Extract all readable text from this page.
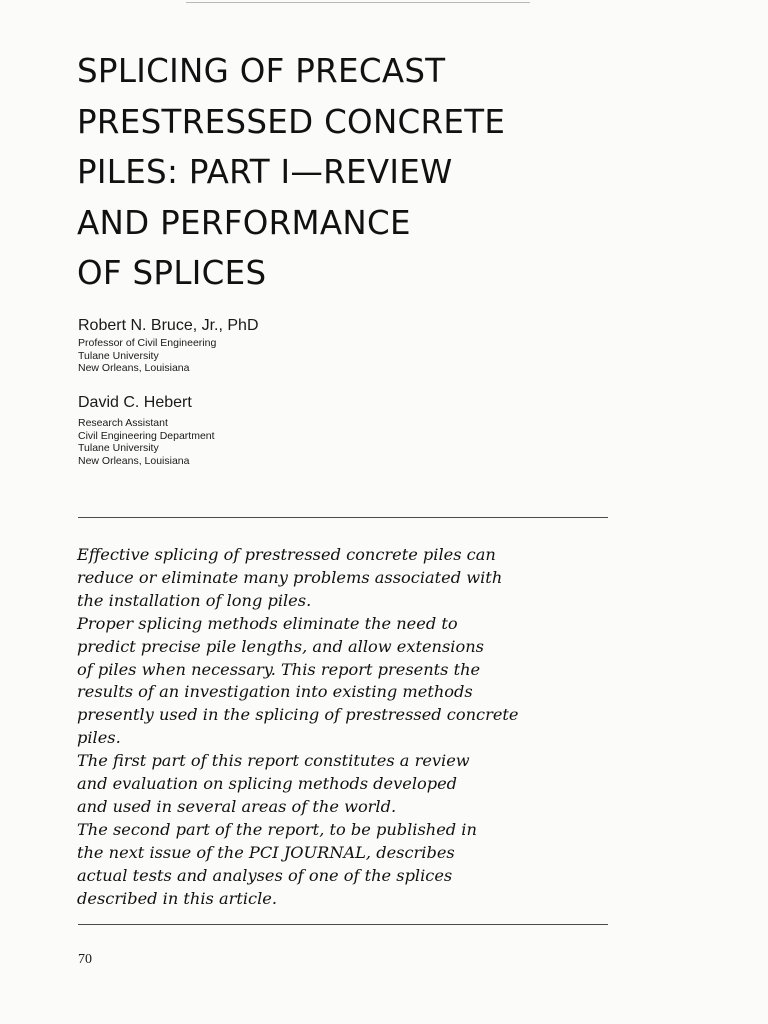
SPLICING OF PRECAST
PRESTRESSED CONCRETE
PILES: PART I—REVIEW
AND PERFORMANCE
OF SPLICES
Robert N. Bruce, Jr., PhD
Professor of Civil Engineering
Tulane University
New Orleans, Louisiana
David C. Hebert
Research Assistant
Civil Engineering Department
Tulane University
New Orleans, Louisiana
Effective splicing of prestressed concrete piles can
reduce or eliminate many problems associated with
the installation of long piles.
Proper splicing methods eliminate the need to
predict precise pile lengths, and allow extensions
of piles when necessary. This report presents the
results of an investigation into existing methods
presently used in the splicing of prestressed concrete
piles.
The first part of this report constitutes a review
and evaluation on splicing methods developed
and used in several areas of the world.
The second part of the report, to be published in
the next issue of the PCI JOURNAL, describes
actual tests and analyses of one of the splices
described in this article.
70
